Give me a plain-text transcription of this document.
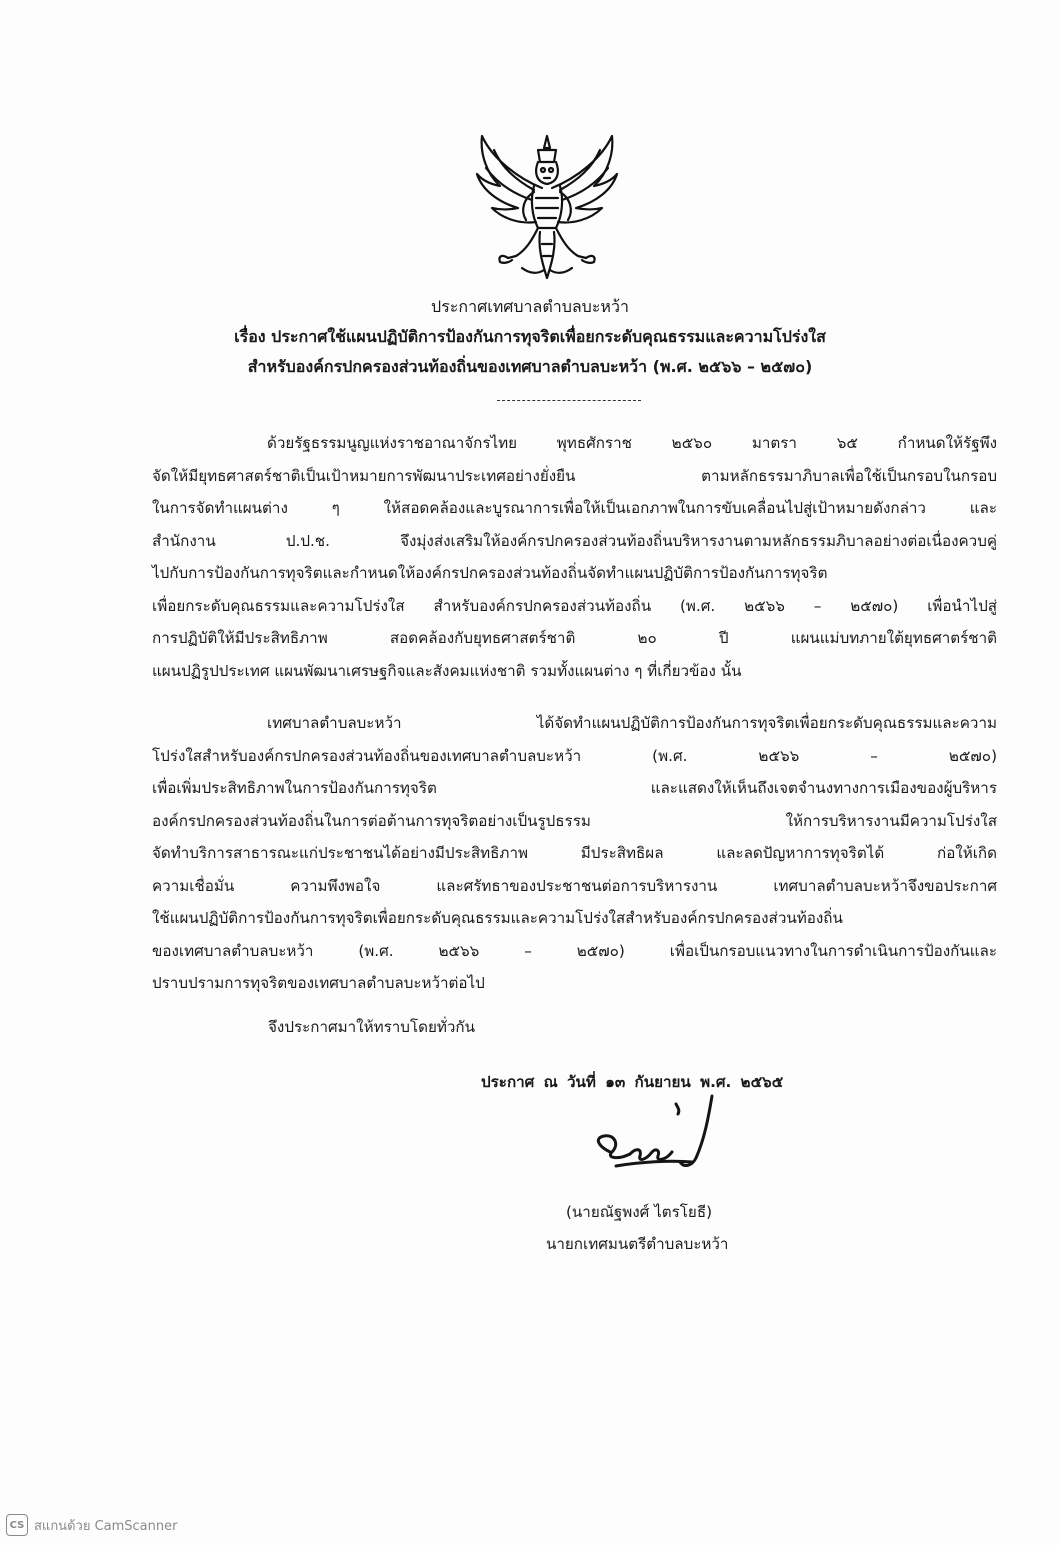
ประกาศเทศบาลตำบลบะหว้า
เรื่อง ประกาศใช้แผนปฏิบัติการป้องกันการทุจริตเพื่อยกระดับคุณธรรมและความโปร่งใส
สำหรับองค์กรปกครองส่วนท้องถิ่นของเทศบาลตำบลบะหว้า (พ.ศ. ๒๕๖๖ – ๒๕๗๐)
ด้วยรัฐธรรมนูญแห่งราชอาณาจักรไทย พุทธศักราช ๒๕๖๐ มาตรา ๖๕ กำหนดให้รัฐพึง
จัดให้มียุทธศาสตร์ชาติเป็นเป้าหมายการพัฒนาประเทศอย่างยั่งยืน ตามหลักธรรมาภิบาลเพื่อใช้เป็นกรอบในกรอบ
ในการจัดทำแผนต่าง ๆ ให้สอดคล้องและบูรณาการเพื่อให้เป็นเอกภาพในการขับเคลื่อนไปสู่เป้าหมายดังกล่าว และ
สำนักงาน ป.ป.ช. จึงมุ่งส่งเสริมให้องค์กรปกครองส่วนท้องถิ่นบริหารงานตามหลักธรรมภิบาลอย่างต่อเนื่องควบคู่
ไปกับการป้องกันการทุจริตและกำหนดให้องค์กรปกครองส่วนท้องถิ่นจัดทำแผนปฏิบัติการป้องกันการทุจริต
เพื่อยกระดับคุณธรรมและความโปร่งใส สำหรับองค์กรปกครองส่วนท้องถิ่น (พ.ศ. ๒๕๖๖ – ๒๕๗๐) เพื่อนำไปสู่
การปฏิบัติให้มีประสิทธิภาพ สอดคล้องกับยุทธศาสตร์ชาติ ๒๐ ปี แผนแม่บทภายใต้ยุทธศาตร์ชาติ
แผนปฏิรูปประเทศ แผนพัฒนาเศรษฐกิจและสังคมแห่งชาติ รวมทั้งแผนต่าง ๆ ที่เกี่ยวข้อง นั้น
เทศบาลตำบลบะหว้า ได้จัดทำแผนปฏิบัติการป้องกันการทุจริตเพื่อยกระดับคุณธรรมและความ
โปร่งใสสำหรับองค์กรปกครองส่วนท้องถิ่นของเทศบาลตำบลบะหว้า (พ.ศ. ๒๕๖๖ – ๒๕๗๐)
เพื่อเพิ่มประสิทธิภาพในการป้องกันการทุจริต และแสดงให้เห็นถึงเจตจำนงทางการเมืองของผู้บริหาร
องค์กรปกครองส่วนท้องถิ่นในการต่อต้านการทุจริตอย่างเป็นรูปธรรม ให้การบริหารงานมีความโปร่งใส
จัดทำบริการสาธารณะแก่ประชาชนได้อย่างมีประสิทธิภาพ มีประสิทธิผล และลดปัญหาการทุจริตได้ ก่อให้เกิด
ความเชื่อมั่น ความพึงพอใจ และศรัทธาของประชาชนต่อการบริหารงาน เทศบาลตำบลบะหว้าจึงขอประกาศ
ใช้แผนปฏิบัติการป้องกันการทุจริตเพื่อยกระดับคุณธรรมและความโปร่งใสสำหรับองค์กรปกครองส่วนท้องถิ่น
ของเทศบาลตำบลบะหว้า (พ.ศ. ๒๕๖๖ – ๒๕๗๐) เพื่อเป็นกรอบแนวทางในการดำเนินการป้องกันและ
ปราบปรามการทุจริตของเทศบาลตำบลบะหว้าต่อไป
จึงประกาศมาให้ทราบโดยทั่วกัน
ประกาศ ณ วันที่ ๑๓ กันยายน พ.ศ. ๒๕๖๕
(นายณัฐพงศ์ ไตรโยธี)
นายกเทศมนตรีตำบลบะหว้า
CS สแกนด้วย CamScanner
